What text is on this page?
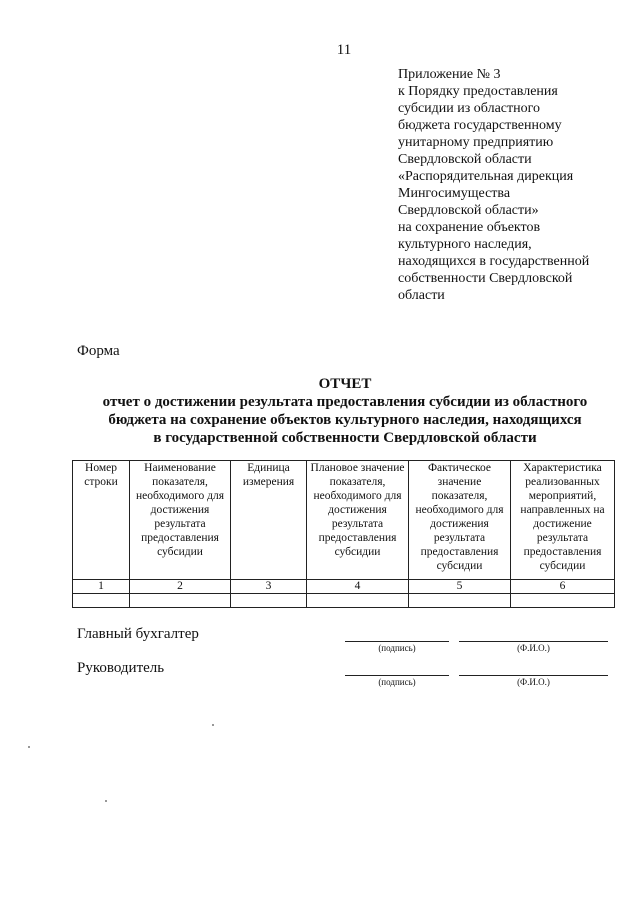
11
Приложение № 3
к Порядку предоставления
субсидии из областного
бюджета государственному
унитарному предприятию
Свердловской области
«Распорядительная дирекция
Мингосимущества
Свердловской области»
на сохранение объектов
культурного наследия,
находящихся в государственной
собственности Свердловской
области
Форма
ОТЧЕТ
отчет о достижении результата предоставления субсидии из областного
бюджета на сохранение объектов культурного наследия, находящихся
в государственной собственности Свердловской области
Номер строки	Наименование показателя, необходимого для достижения результата предоставления субсидии	Единица измерения	Плановое значение показателя, необходимого для достижения результата предоставления субсидии	Фактическое значение показателя, необходимого для достижения результата предоставления субсидии	Характеристика реализованных мероприятий, направленных на достижение результата предоставления субсидии
1	2	3	4	5	6

Главный бухгалтер
(подпись)	(Ф.И.О.)
Руководитель
(подпись)	(Ф.И.О.)
